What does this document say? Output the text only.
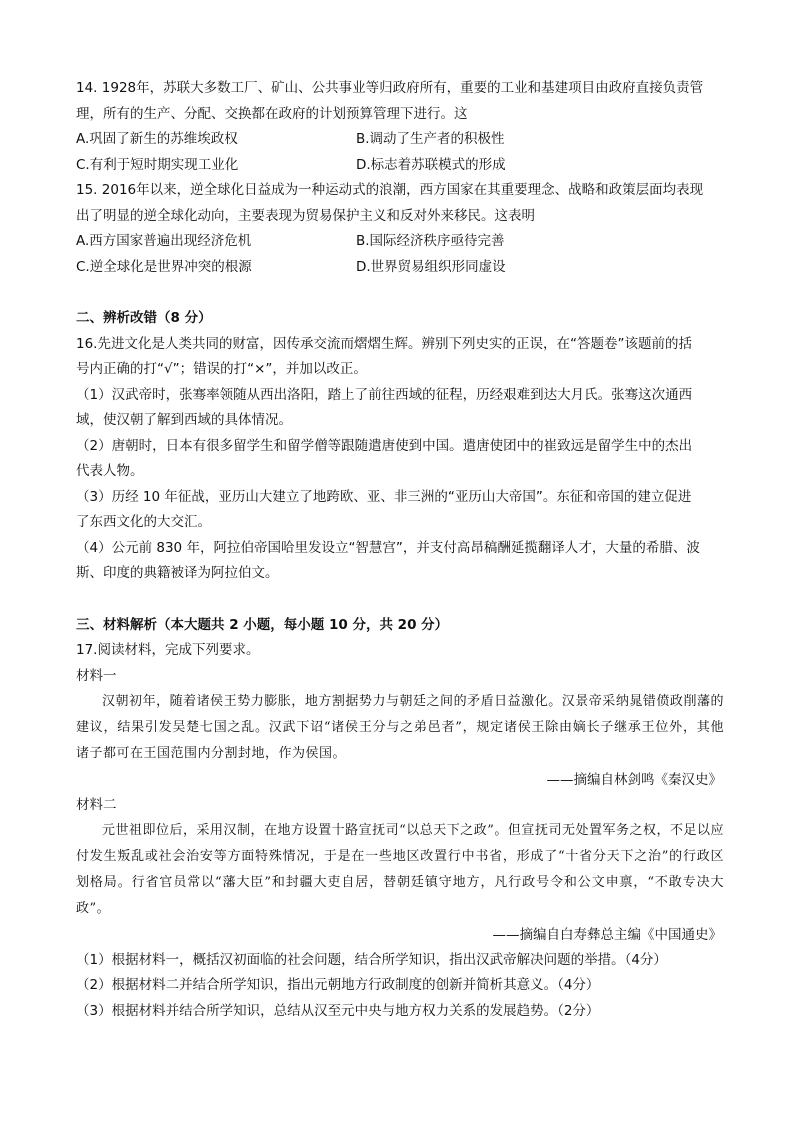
14. 1928年，苏联大多数工厂、矿山、公共事业等归政府所有，重要的工业和基建项目由政府直接负责管
理，所有的生产、分配、交换都在政府的计划预算管理下进行。这
A.巩固了新生的苏维埃政权	B.调动了生产者的积极性
C.有利于短时期实现工业化	D.标志着苏联模式的形成
15. 2016年以来，逆全球化日益成为一种运动式的浪潮，西方国家在其重要理念、战略和政策层面均表现
出了明显的逆全球化动向，主要表现为贸易保护主义和反对外来移民。这表明
A.西方国家普遍出现经济危机	B.国际经济秩序亟待完善
C.逆全球化是世界冲突的根源	D.世界贸易组织形同虚设
二、辨析改错（8 分）
16.先进文化是人类共同的财富，因传承交流而熠熠生辉。辨别下列史实的正误，在“答题卷”该题前的括
号内正确的打“√”；错误的打“×”，并加以改正。
（1）汉武帝时，张骞率领随从西出洛阳，踏上了前往西域的征程，历经艰难到达大月氏。张骞这次通西
域，使汉朝了解到西域的具体情况。
（2）唐朝时，日本有很多留学生和留学僧等跟随遣唐使到中国。遣唐使团中的崔致远是留学生中的杰出
代表人物。
（3）历经 10 年征战，亚历山大建立了地跨欧、亚、非三洲的“亚历山大帝国”。东征和帝国的建立促进
了东西文化的大交汇。
（4）公元前 830 年，阿拉伯帝国哈里发设立“智慧宫”，并支付高昂稿酬延揽翻译人才，大量的希腊、波
斯、印度的典籍被译为阿拉伯文。
三、材料解析（本大题共 2 小题，每小题 10 分，共 20 分）
17.阅读材料，完成下列要求。
材料一
汉朝初年，随着诸侯王势力膨胀，地方割据势力与朝廷之间的矛盾日益激化。汉景帝采纳晁错偾政削藩的建议，结果引发吴楚七国之乱。汉武下诏“诸侯王分与之弟邑者”，规定诸侯王除由嫡长子继承王位外，其他诸子都可在王国范围内分割封地，作为侯国。
——摘编自林剑鸣《秦汉史》
材料二
元世祖即位后，采用汉制，在地方设置十路宣抚司“以总天下之政”。但宣抚司无处置军务之权，不足以应付发生叛乱或社会治安等方面特殊情况，于是在一些地区改置行中书省，形成了“十省分天下之治”的行政区划格局。行省官员常以“藩大臣”和封疆大吏自居，替朝廷镇守地方，凡行政号令和公文申禀，“不敢专决大政”。
——摘编自白寿彝总主编《中国通史》
（1）根据材料一，概括汉初面临的社会问题，结合所学知识，指出汉武帝解决问题的举措。（4分）
（2）根据材料二并结合所学知识，指出元朝地方行政制度的创新并简析其意义。（4分）
（3）根据材料并结合所学知识，总结从汉至元中央与地方权力关系的发展趋势。（2分）
